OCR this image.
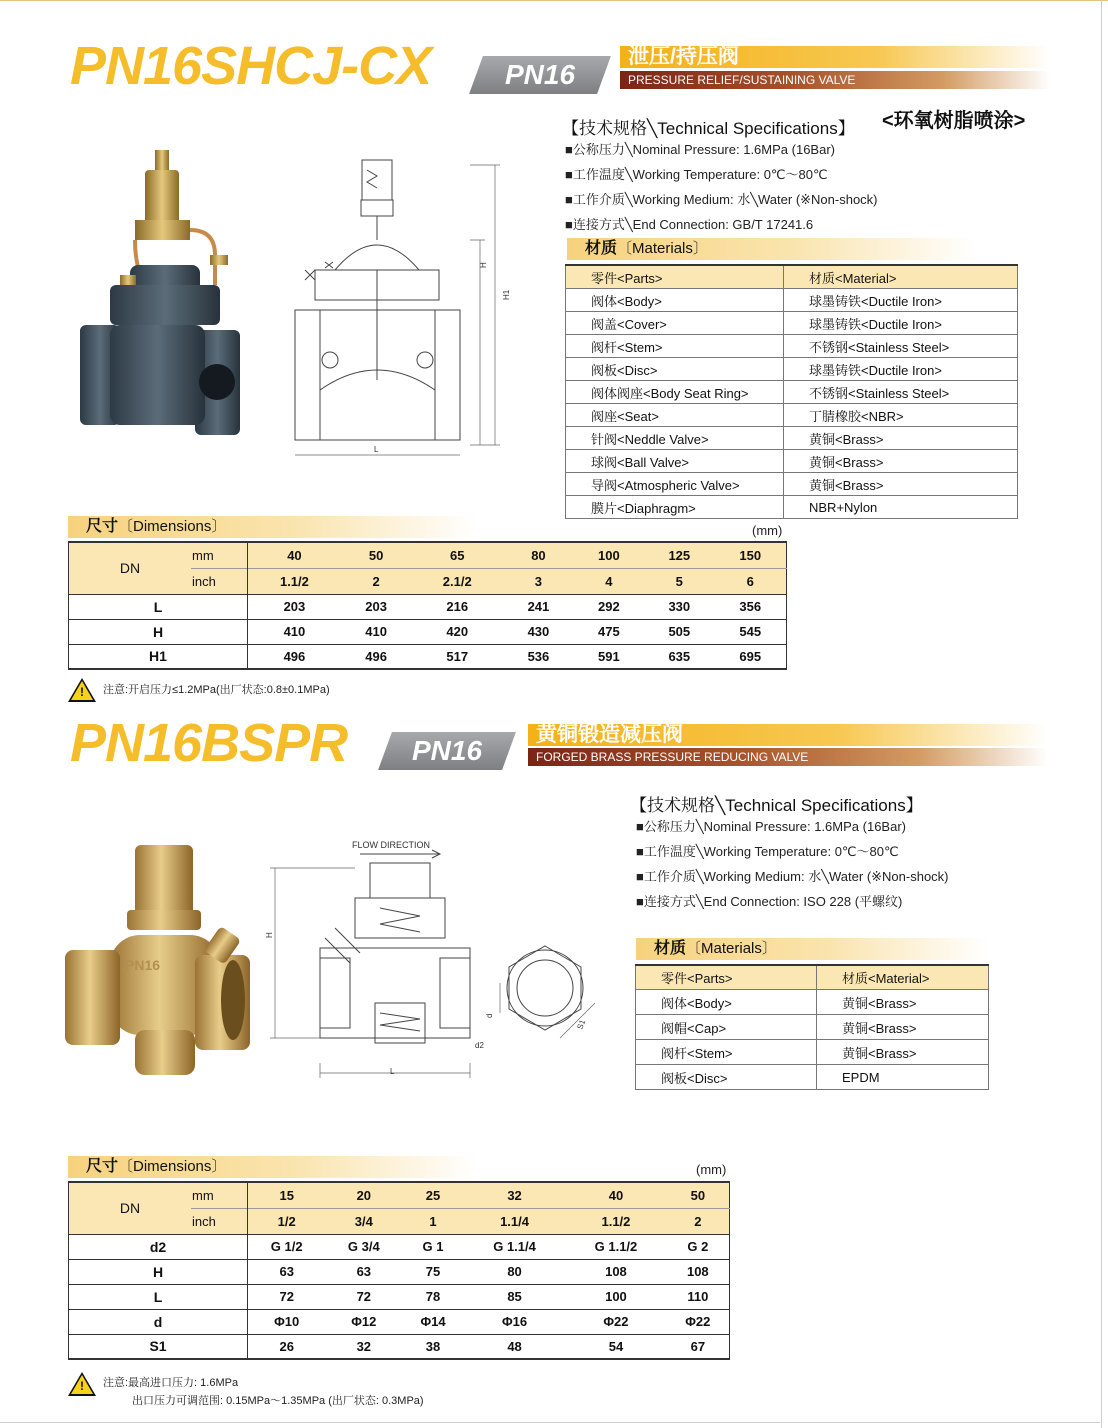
PN16SHCJ-CX	PN16
泄压/持压阀
PRESSURE RELIEF/SUSTAINING VALVE
<环氧树脂喷涂>
【技术规格╲Technical Specifications】
■公称压力╲Nominal Pressure: 1.6MPa (16Bar)
■工作温度╲Working Temperature: 0℃～80℃
■工作介质╲Working Medium: 水╲Water (※Non-shock)
■连接方式╲End Connection: GB/T 17241.6
H
H1
L
材质〔Materials〕
零件<Parts>	材质<Material>
阀体<Body>	球墨铸铁<Ductile Iron>
阀盖<Cover>	球墨铸铁<Ductile Iron>
阀杆<Stem>	不锈钢<Stainless Steel>
阀板<Disc>	球墨铸铁<Ductile Iron>
阀体阀座<Body Seat Ring>	不锈钢<Stainless Steel>
阀座<Seat>	丁腈橡胶<NBR>
针阀<Neddle Valve>	黄铜<Brass>
球阀<Ball Valve>	黄铜<Brass>
导阀<Atmospheric Valve>	黄铜<Brass>
膜片<Diaphragm>	NBR+Nylon
尺寸〔Dimensions〕	(mm)
DN	mm	40	50	65	80	100	125	150
	inch	1.1/2	2	2.1/2	3	4	5	6
L		203	203	216	241	292	330	356
H		410	410	420	430	475	505	545
H1		496	496	517	536	591	635	695
! 注意:开启压力≤1.2MPa(出厂状态:0.8±0.1MPa)
PN16BSPR	PN16
黄铜锻造减压阀
FORGED BRASS PRESSURE REDUCING VALVE
【技术规格╲Technical Specifications】
■公称压力╲Nominal Pressure: 1.6MPa (16Bar)
■工作温度╲Working Temperature: 0℃～80℃
■工作介质╲Working Medium: 水╲Water (※Non-shock)
■连接方式╲End Connection: ISO 228 (平螺纹)
PN16
FLOW DIRECTION
H
L
d2
d
S1
材质〔Materials〕
零件<Parts>	材质<Material>
阀体<Body>	黄铜<Brass>
阀帽<Cap>	黄铜<Brass>
阀杆<Stem>	黄铜<Brass>
阀板<Disc>	EPDM
尺寸〔Dimensions〕	(mm)
DN	mm	15	20	25	32	40	50
	inch	1/2	3/4	1	1.1/4	1.1/2	2
d2		G 1/2	G 3/4	G 1	G 1.1/4	G 1.1/2	G 2
H		63	63	75	80	108	108
L		72	72	78	85	100	110
d		Φ10	Φ12	Φ14	Φ16	Φ22	Φ22
S1		26	32	38	48	54	67
! 注意:最高进口压力: 1.6MPa
出口压力可调范围: 0.15MPa～1.35MPa (出厂状态: 0.3MPa)
